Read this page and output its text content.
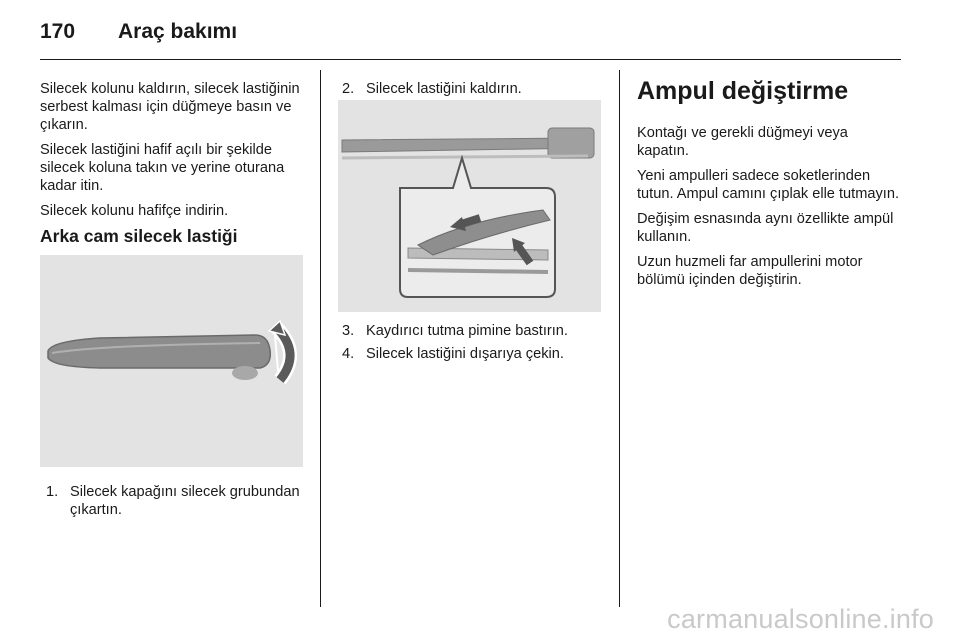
170 Araç bakımı

Silecek kolunu kaldırın, silecek lastiğinin serbest kalması için düğmeye basın ve çıkarın.

Silecek lastiğini hafif açılı bir şekilde silecek koluna takın ve yerine oturana kadar itin.

Silecek kolunu hafifçe indirin.

Arka cam silecek lastiği
1. Silecek kapağını silecek grubundan çıkartın.
2. Silecek lastiğini kaldırın.
3. Kaydırıcı tutma pimine bastırın.
4. Silecek lastiğini dışarıya çekin.
Ampul değiştirme

Kontağı ve gerekli düğmeyi veya kapatın.

Yeni ampulleri sadece soketlerinden tutun. Ampul camını çıplak elle tutmayın.

Değişim esnasında aynı özellikte ampül kullanın.

Uzun huzmeli far ampullerini motor bölümü içinden değiştirin.

carmanualsonline.info
